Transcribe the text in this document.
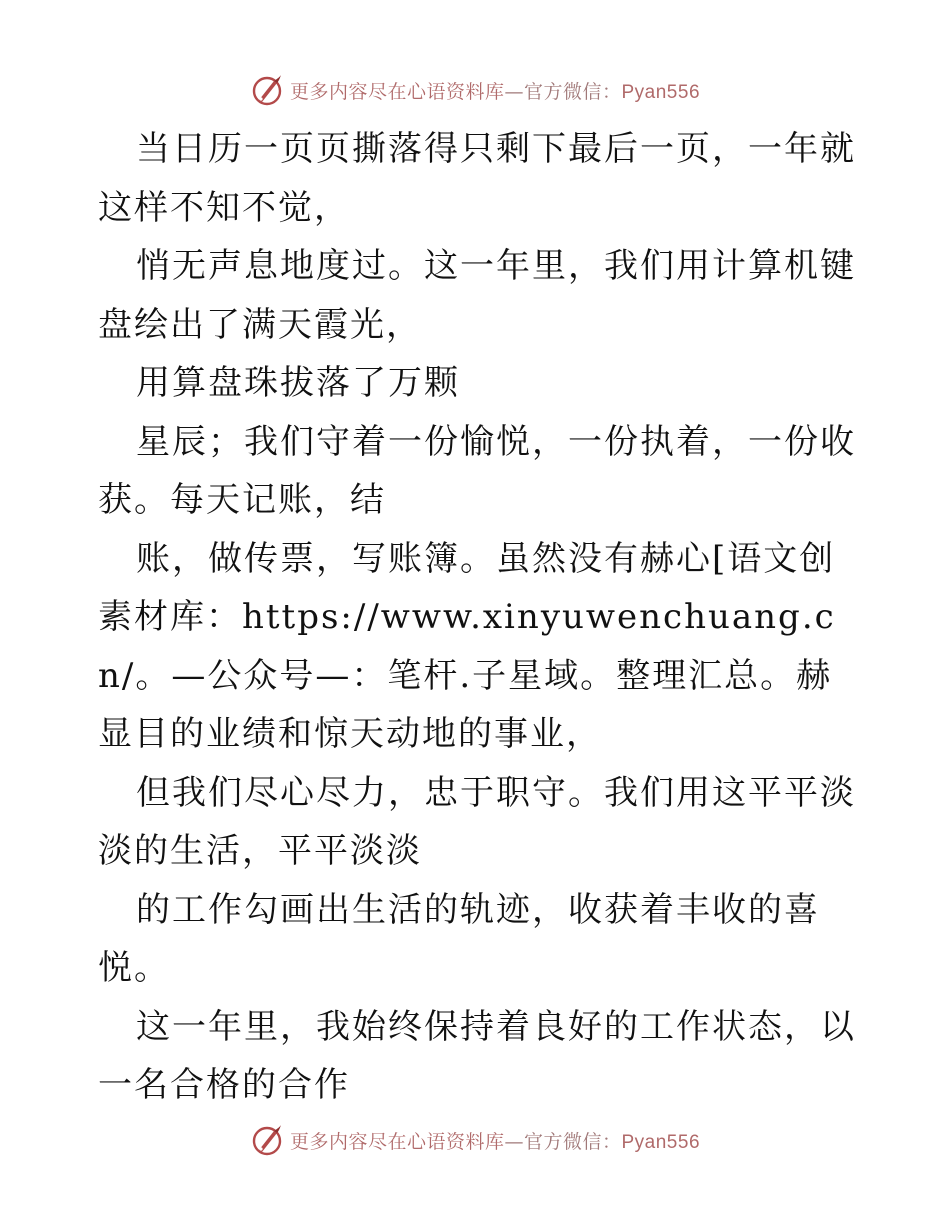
更多内容尽在心语资料库—官方微信：Pyan556

当日历一页页撕落得只剩下最后一页，一年就这样不知不觉，

悄无声息地度过。这一年里，我们用计算机键盘绘出了满天霞光，

用算盘珠拔落了万颗

星辰；我们守着一份愉悦，一份执着，一份收获。每天记账，结

账，做传票，写账簿。虽然没有赫心[语文创素材库：https://www.xinyuwenchuang.cn/。—公众号—：笔杆.子星域。整理汇总。赫显目的业绩和惊天动地的事业，

但我们尽心尽力，忠于职守。我们用这平平淡淡的生活，平平淡淡

的工作勾画出生活的轨迹，收获着丰收的喜悦。

这一年里，我始终保持着良好的工作状态，以一名合格的合作

更多内容尽在心语资料库—官方微信：Pyan556
